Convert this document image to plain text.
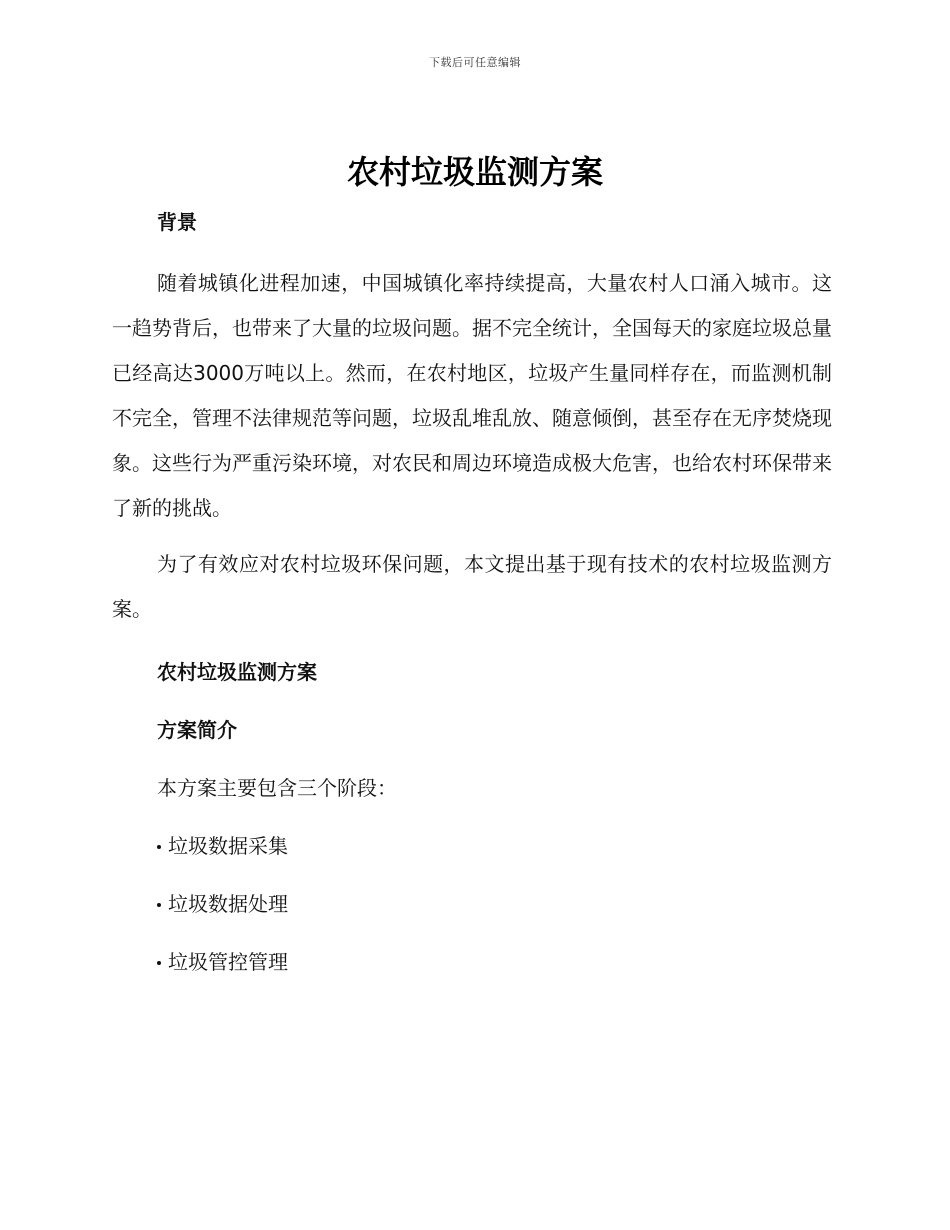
下载后可任意编辑
农村垃圾监测方案
背景

随着城镇化进程加速，中国城镇化率持续提高，大量农村人口涌入城市。这一趋势背后，也带来了大量的垃圾问题。据不完全统计，全国每天的家庭垃圾总量已经高达3000万吨以上。然而，在农村地区，垃圾产生量同样存在，而监测机制不完全，管理不法律规范等问题，垃圾乱堆乱放、随意倾倒，甚至存在无序焚烧现象。这些行为严重污染环境，对农民和周边环境造成极大危害，也给农村环保带来了新的挑战。

为了有效应对农村垃圾环保问题，本文提出基于现有技术的农村垃圾监测方案。

农村垃圾监测方案
方案简介

本方案主要包含三个阶段：

垃圾数据采集
垃圾数据处理
垃圾管控管理
